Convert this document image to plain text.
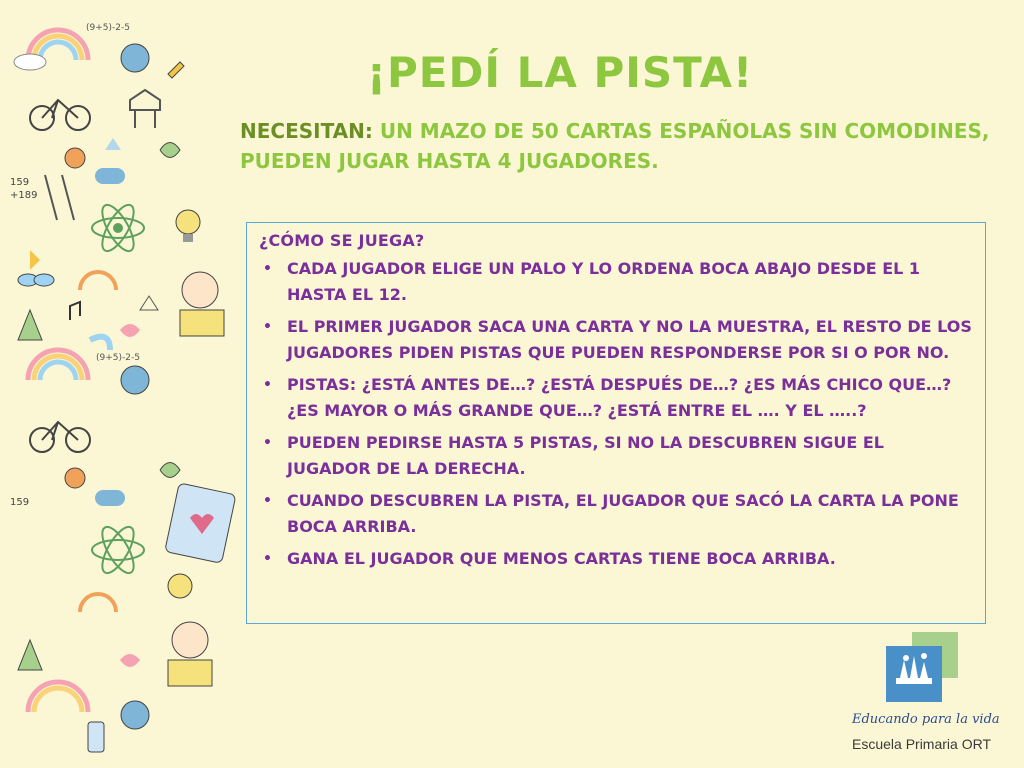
(9+5)-2-5
159
+189
(9+5)-2-5
159
¡PEDÍ LA PISTA!

NECESITAN: UN MAZO DE 50 CARTAS ESPAÑOLAS SIN COMODINES, PUEDEN JUGAR HASTA 4 JUGADORES.

¿CÓMO SE JUEGA?
• CADA JUGADOR ELIGE UN PALO Y LO ORDENA BOCA ABAJO DESDE EL 1 HASTA EL 12.
• EL PRIMER JUGADOR SACA UNA CARTA Y NO LA MUESTRA, EL RESTO DE LOS JUGADORES PIDEN PISTAS QUE PUEDEN RESPONDERSE POR SI O POR NO.
• PISTAS: ¿ESTÁ ANTES DE…? ¿ESTÁ DESPUÉS DE…? ¿ES MÁS CHICO QUE…? ¿ES MAYOR O MÁS GRANDE QUE…? ¿ESTÁ ENTRE EL …. Y EL …..?
• PUEDEN PEDIRSE HASTA 5 PISTAS, SI NO LA DESCUBREN SIGUE EL JUGADOR DE LA DERECHA.
• CUANDO DESCUBREN LA PISTA, EL JUGADOR QUE SACÓ LA CARTA LA PONE BOCA ARRIBA.
• GANA EL JUGADOR QUE MENOS CARTAS TIENE BOCA ARRIBA.
Educando para la vida
Escuela Primaria ORT
